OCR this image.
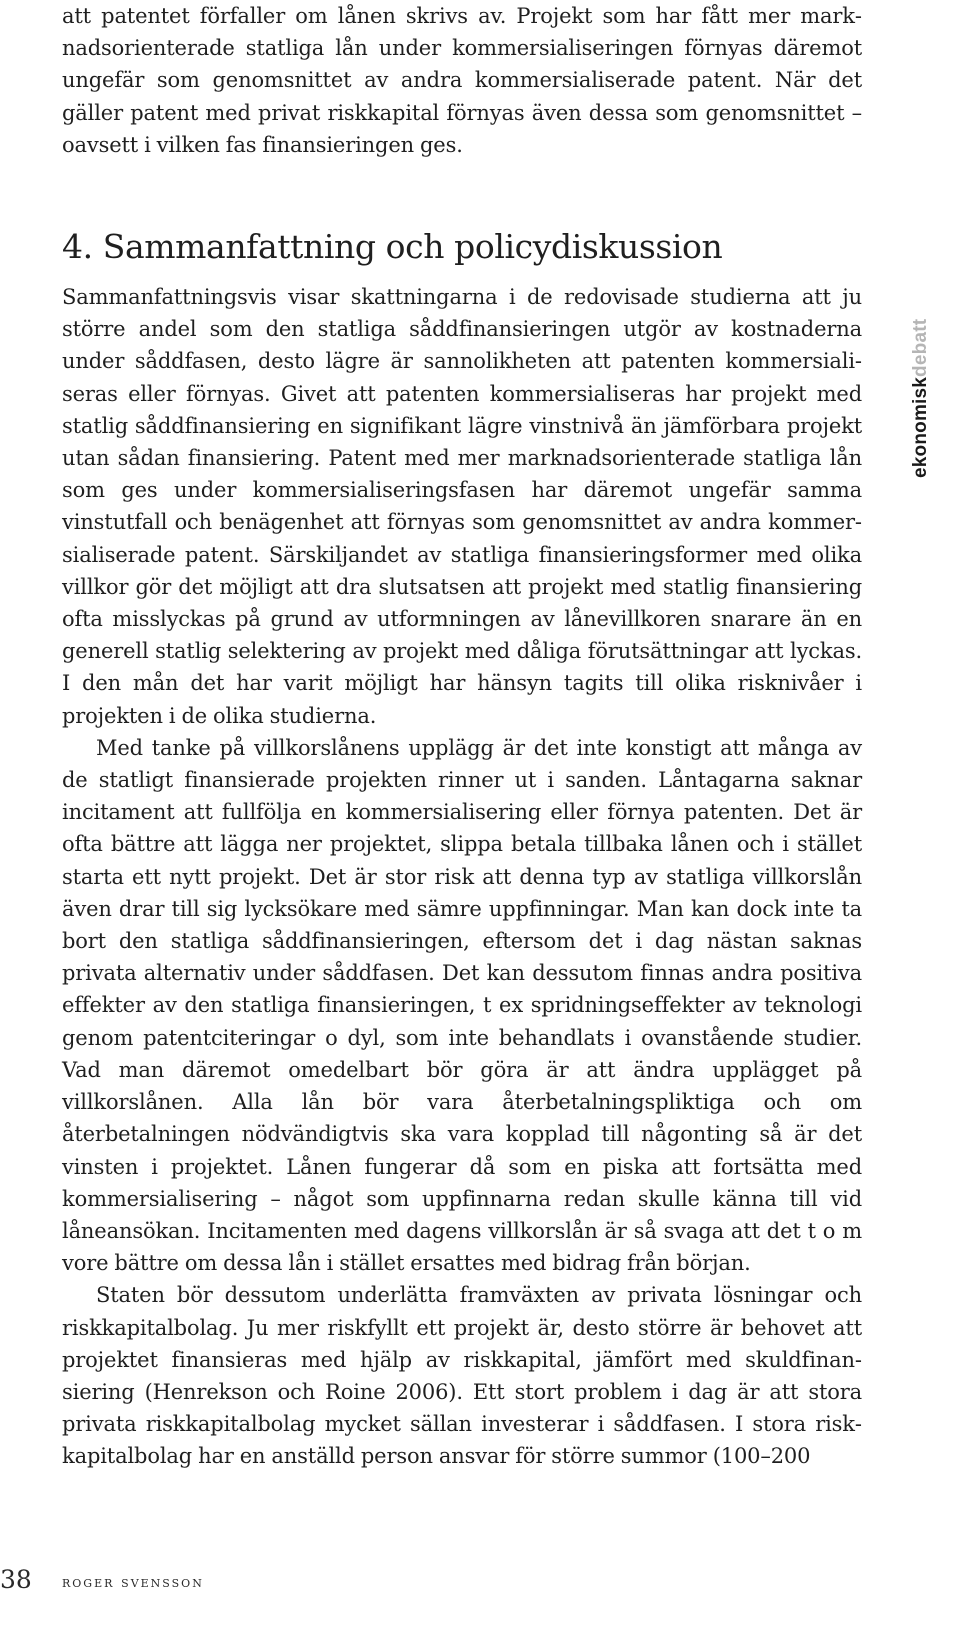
att patentet förfaller om lånen skrivs av. Projekt som har fått mer marknadsorienterade statliga lån under kommersialiseringen förnyas däremot ungefär som genomsnittet av andra kommersialiserade patent. När det gäller patent med privat riskkapital förnyas även dessa som genomsnittet – oavsett i vilken fas finansieringen ges.

4. Sammanfattning och policydiskussion

Sammanfattningsvis visar skattningarna i de redovisade studierna att ju större andel som den statliga såddfinansieringen utgör av kostnaderna under såddfasen, desto lägre är sannolikheten att patenten kommersialiseras eller förnyas. Givet att patenten kommersialiseras har projekt med statlig såddfinansiering en signifikant lägre vinstnivå än jämförbara projekt utan sådan finansiering. Patent med mer marknadsorienterade statliga lån som ges under kommersialiseringsfasen har däremot ungefär samma vinstutfall och benägenhet att förnyas som genomsnittet av andra kommersialiserade patent. Särskiljandet av statliga finansieringsformer med olika villkor gör det möjligt att dra slutsatsen att projekt med statlig finansiering ofta misslyckas på grund av utformningen av lånevillkoren snarare än en generell statlig selektering av projekt med dåliga förutsättningar att lyckas. I den mån det har varit möjligt har hänsyn tagits till olika risknivåer i projekten i de olika studierna.

Med tanke på villkorslånens upplägg är det inte konstigt att många av de statligt finansierade projekten rinner ut i sanden. Låntagarna saknar incitament att fullfölja en kommersialisering eller förnya patenten. Det är ofta bättre att lägga ner projektet, slippa betala tillbaka lånen och i stället starta ett nytt projekt. Det är stor risk att denna typ av statliga villkorslån även drar till sig lycksökare med sämre uppfinningar. Man kan dock inte ta bort den statliga såddfinansieringen, eftersom det i dag nästan saknas privata alternativ under såddfasen. Det kan dessutom finnas andra positiva effekter av den statliga finansieringen, t ex spridningseffekter av teknologi genom patentciteringar o dyl, som inte behandlats i ovanstående studier. Vad man däremot omedelbart bör göra är att ändra upplägget på villkorslånen. Alla lån bör vara återbetalningspliktiga och om återbetalningen nödvändigtvis ska vara kopplad till någonting så är det vinsten i projektet. Lånen fungerar då som en piska att fortsätta med kommersialisering – något som uppfinnarna redan skulle känna till vid låneansökan. Incitamenten med dagens villkorslån är så svaga att det t o m vore bättre om dessa lån i stället ersattes med bidrag från början.

Staten bör dessutom underlätta framväxten av privata lösningar och riskkapitalbolag. Ju mer riskfyllt ett projekt är, desto större är behovet att projektet finansieras med hjälp av riskkapital, jämfört med skuldfinansiering (Henrekson och Roine 2006). Ett stort problem i dag är att stora privata riskkapitalbolag mycket sällan investerar i såddfasen. I stora riskkapitalbolag har en anställd person ansvar för större summor (100–200

ekonomiskdebatt
38 roger svensson
